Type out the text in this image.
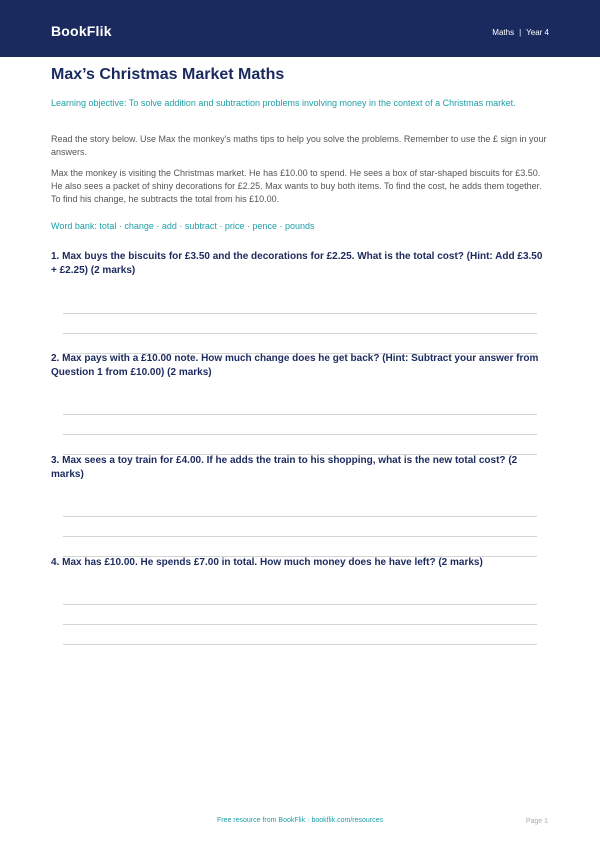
BookFlik	Maths | Year 4
Max’s Christmas Market Maths

Learning objective: To solve addition and subtraction problems involving money in the context of a Christmas market.

Read the story below. Use Max the monkey's maths tips to help you solve the problems. Remember to use the £ sign in your answers.

Max the monkey is visiting the Christmas market. He has £10.00 to spend. He sees a box of star-shaped biscuits for £3.50. He also sees a packet of shiny decorations for £2.25. Max wants to buy both items. To find the cost, he adds them together. To find his change, he subtracts the total from his £10.00.

Word bank: total · change · add · subtract · price · pence · pounds

1. Max buys the biscuits for £3.50 and the decorations for £2.25. What is the total cost? (Hint: Add £3.50 + £2.25) (2 marks)

2. Max pays with a £10.00 note. How much change does he get back? (Hint: Subtract your answer from Question 1 from £10.00) (2 marks)

3. Max sees a toy train for £4.00. If he adds the train to his shopping, what is the new total cost? (2 marks)

4. Max has £10.00. He spends £7.00 in total. How much money does he have left? (2 marks)

Free resource from BookFlik · bookflik.com/resources	Page 1
